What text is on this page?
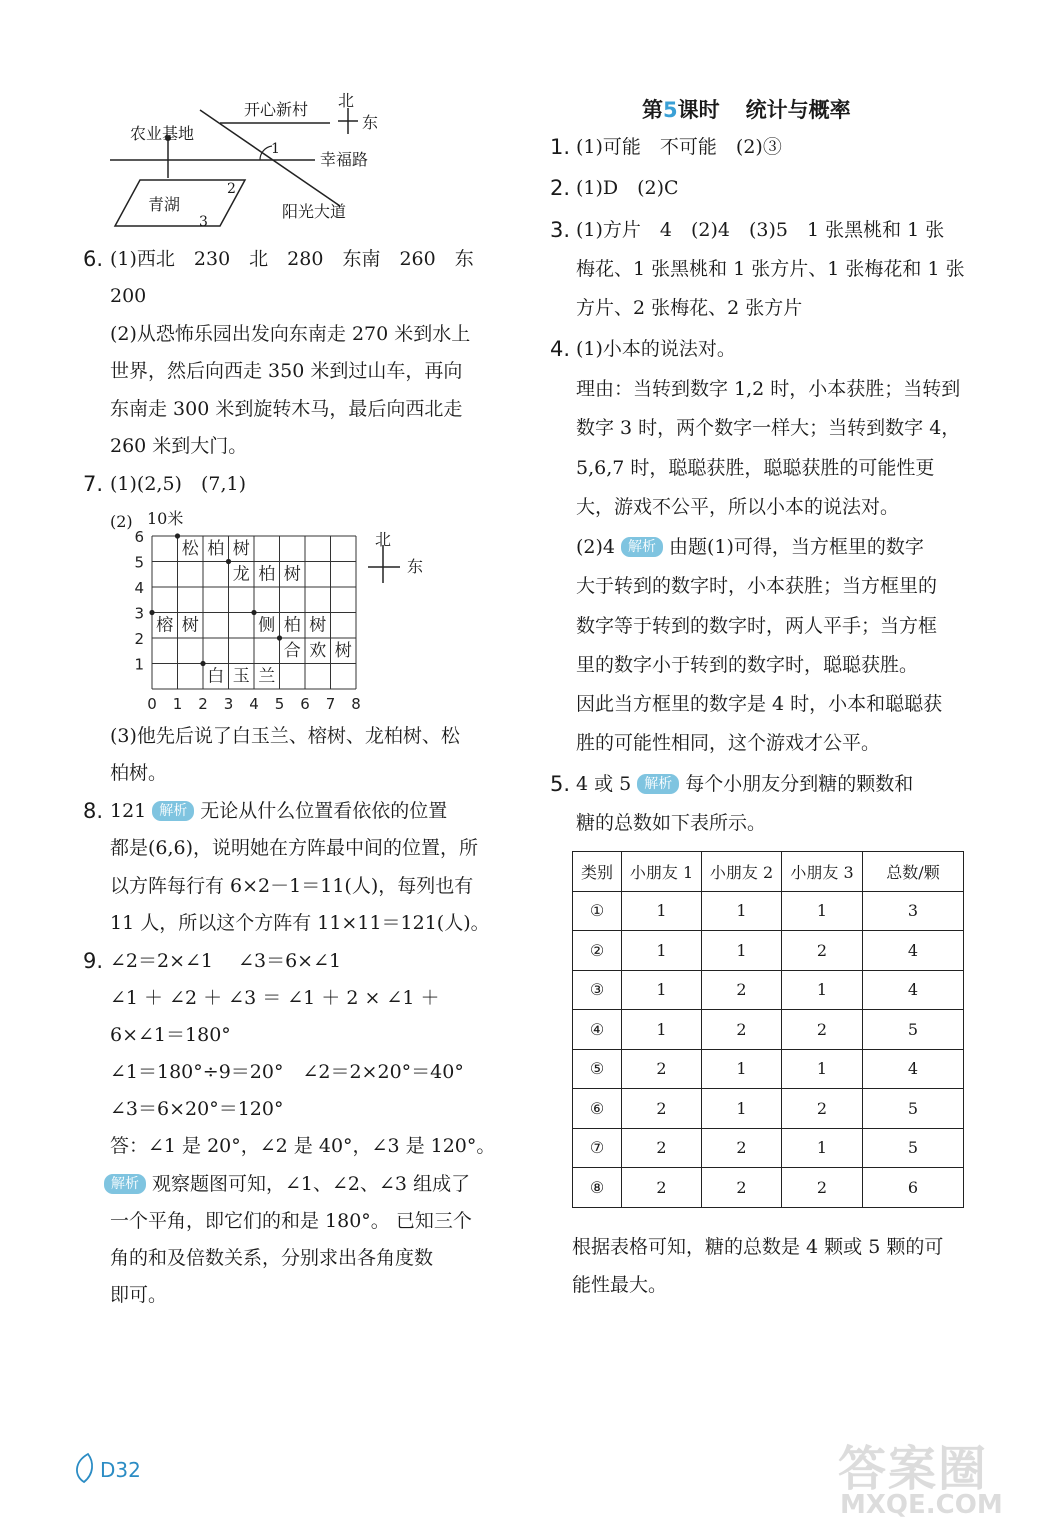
北
东
开心新村
农业基地
幸福路
青湖	阳光大道
1
2
3
6. (1)西北　230　北　280　东南　260　东
200
(2)从恐怖乐园出发向东南走 270 米到水上
世界，然后向西走 350 米到过山车，再向
东南走 300 米到旋转木马，最后向西北走
260 米到大门。
7. (1)(2,5)　(7,1)
(2) 10米
0 1 2 3 4 5 6 7 8
1
2
3
4
5
6
松 柏 树
龙 柏 树
榕 树	侧 柏 树
合 欢 树
白 玉 兰
北
东
(3)他先后说了白玉兰、榕树、龙柏树、松
柏树。
8. 121 解析 无论从什么位置看依依的位置
都是(6,6)，说明她在方阵最中间的位置，所
以方阵每行有 6×2－1＝11(人)，每列也有
11 人，所以这个方阵有 11×11＝121(人)。
9. ∠2＝2×∠1　 ∠3＝6×∠1
∠1 ＋ ∠2 ＋ ∠3 ＝ ∠1 ＋ 2 × ∠1 ＋
6×∠1＝180°
∠1＝180°÷9＝20°　∠2＝2×20°＝40°
∠3＝6×20°＝120°
答：∠1 是 20°，∠2 是 40°，∠3 是 120°。
解析 观察题图可知，∠1、∠2、∠3 组成了
一个平角，即它们的和是 180°。 已知三个
角的和及倍数关系，分别求出各角度数
即可。
第5课时 统计与概率
1. (1)可能　不可能　(2)③
2. (1)D　(2)C
3. (1)方片　4　(2)4　(3)5　1 张黑桃和 1 张
梅花、1 张黑桃和 1 张方片、1 张梅花和 1 张
方片、2 张梅花、2 张方片
4. (1)小本的说法对。
理由：当转到数字 1,2 时，小本获胜；当转到
数字 3 时，两个数字一样大；当转到数字 4，
5,6,7 时，聪聪获胜，聪聪获胜的可能性更
大，游戏不公平，所以小本的说法对。
(2)4 解析 由题(1)可得，当方框里的数字
大于转到的数字时，小本获胜；当方框里的
数字等于转到的数字时，两人平手；当方框
里的数字小于转到的数字时，聪聪获胜。
因此当方框里的数字是 4 时，小本和聪聪获
胜的可能性相同，这个游戏才公平。
5. 4 或 5 解析 每个小朋友分到糖的颗数和
糖的总数如下表所示。
类别	小朋友 1	小朋友 2	小朋友 3	总数/颗
①	1	1	1	3
②	1	1	2	4
③	1	2	1	4
④	1	2	2	5
⑤	2	1	1	4
⑥	2	1	2	5
⑦	2	2	1	5
⑧	2	2	2	6
根据表格可知，糖的总数是 4 颗或 5 颗的可
能性最大。
D32	答案圈
MXQE.COM
